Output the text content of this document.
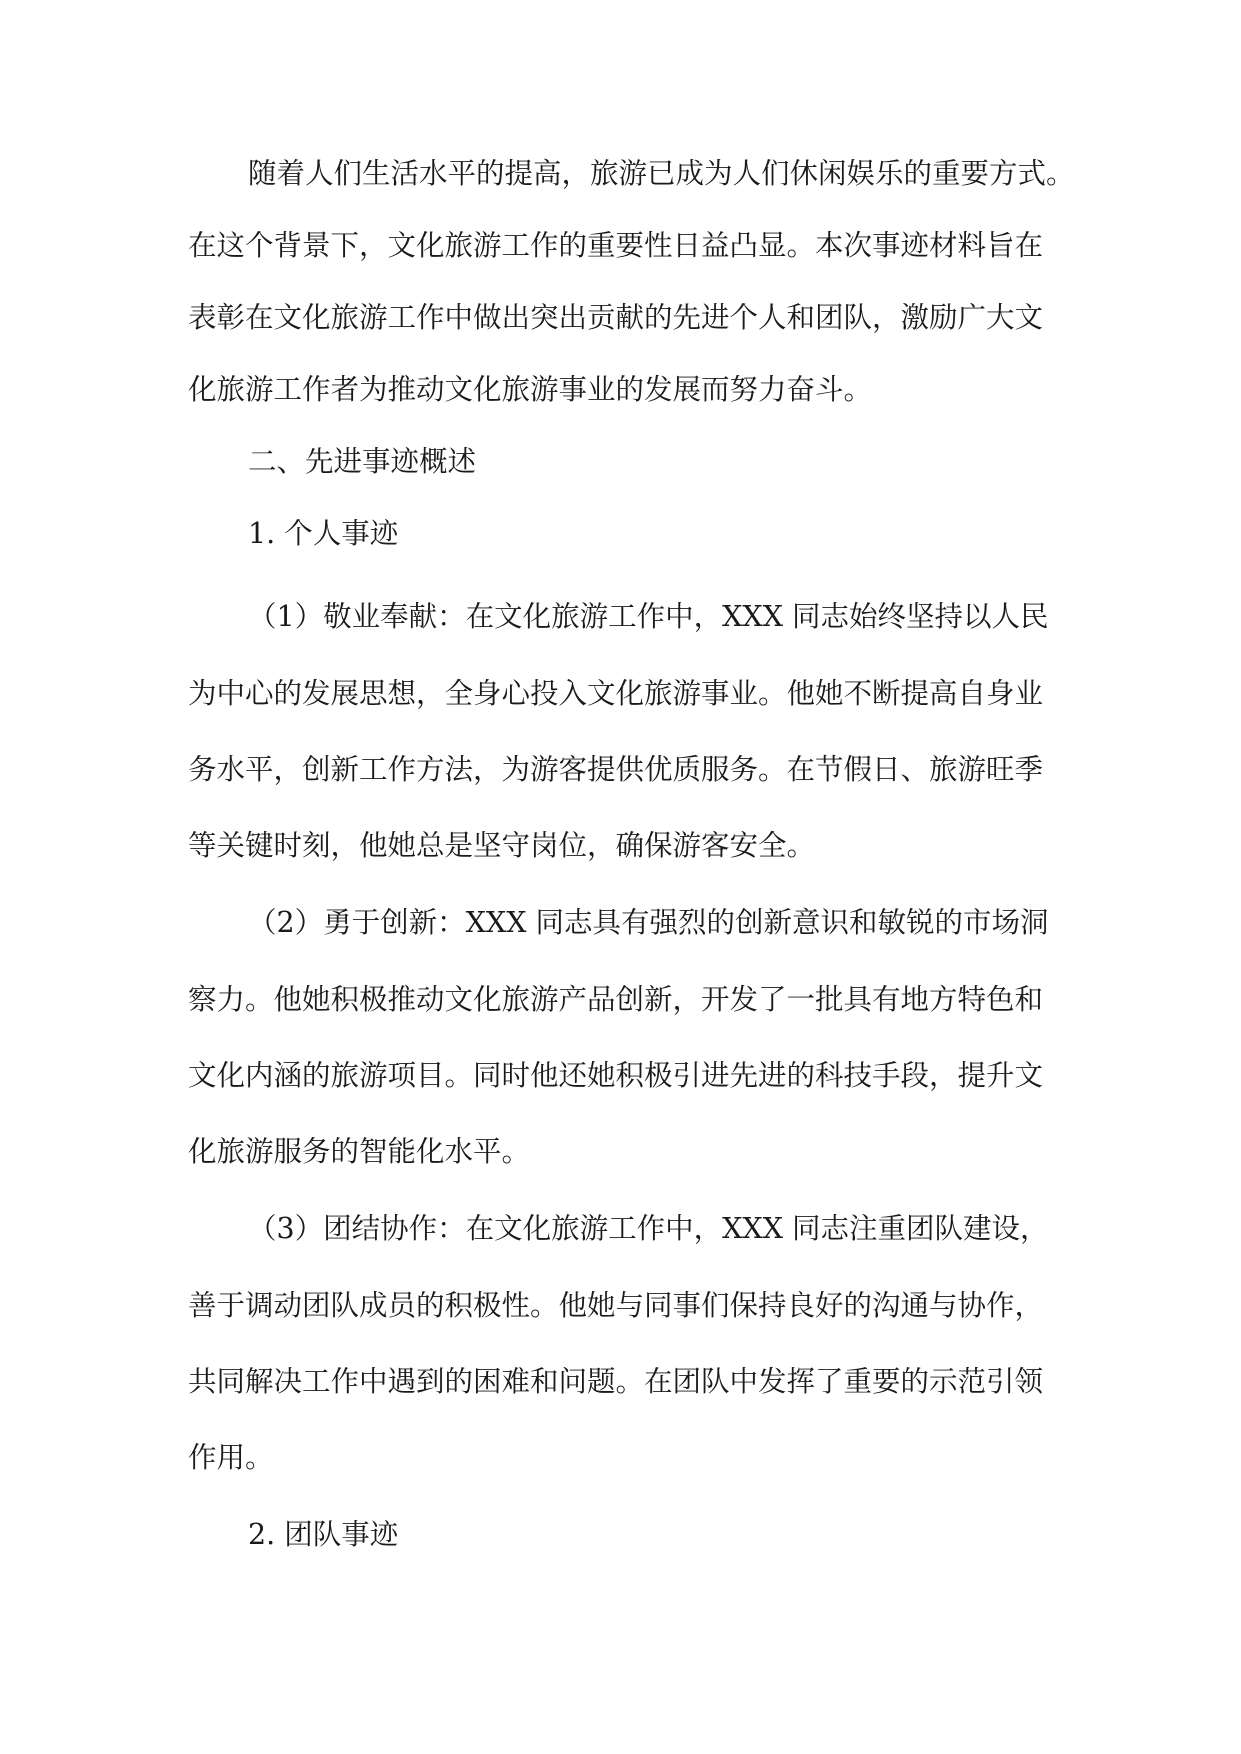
随着人们生活水平的提高，旅游已成为人们休闲娱乐的重要方式。
在这个背景下，文化旅游工作的重要性日益凸显。本次事迹材料旨在
表彰在文化旅游工作中做出突出贡献的先进个人和团队，激励广大文
化旅游工作者为推动文化旅游事业的发展而努力奋斗。
二、先进事迹概述
1. 个人事迹
（1）敬业奉献：在文化旅游工作中，XXX 同志始终坚持以人民
为中心的发展思想，全身心投入文化旅游事业。他她不断提高自身业
务水平，创新工作方法，为游客提供优质服务。在节假日、旅游旺季
等关键时刻，他她总是坚守岗位，确保游客安全。
（2）勇于创新：XXX 同志具有强烈的创新意识和敏锐的市场洞
察力。他她积极推动文化旅游产品创新，开发了一批具有地方特色和
文化内涵的旅游项目。同时他还她积极引进先进的科技手段，提升文
化旅游服务的智能化水平。
（3）团结协作：在文化旅游工作中，XXX 同志注重团队建设，
善于调动团队成员的积极性。他她与同事们保持良好的沟通与协作，
共同解决工作中遇到的困难和问题。在团队中发挥了重要的示范引领
作用。
2. 团队事迹
